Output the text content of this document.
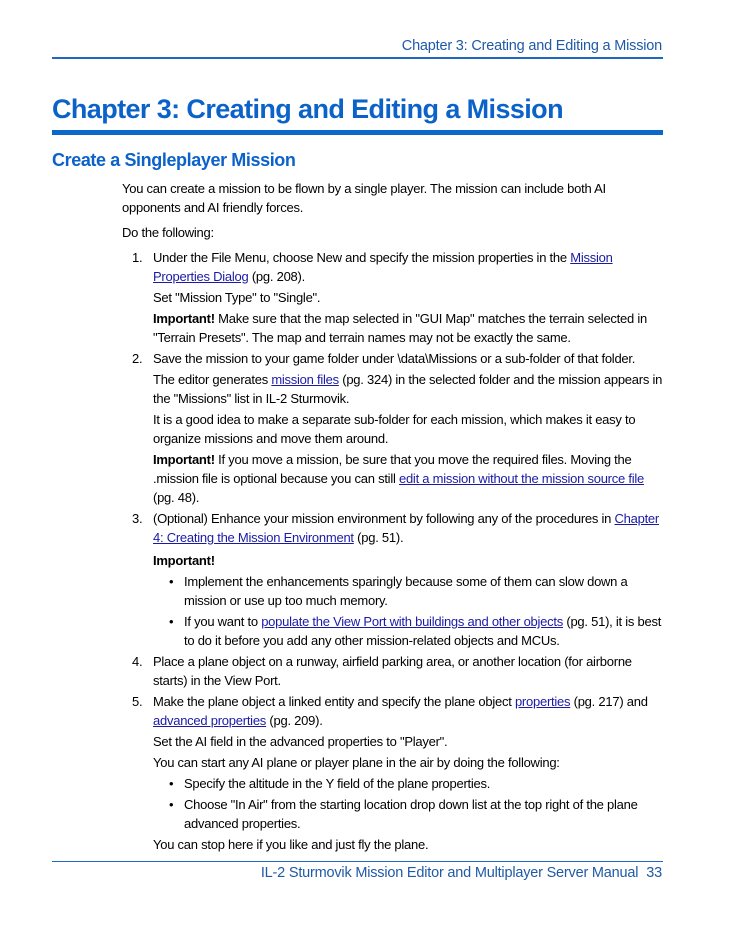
Chapter 3: Creating and Editing a Mission
Chapter 3: Creating and Editing a Mission
Create a Singleplayer Mission

You can create a mission to be flown by a single player. The mission can include both AI opponents and AI friendly forces.

Do the following:

1. Under the File Menu, choose New and specify the mission properties in the Mission Properties Dialog (pg. 208).
Set "Mission Type" to "Single".
Important! Make sure that the map selected in "GUI Map" matches the terrain selected in "Terrain Presets". The map and terrain names may not be exactly the same.
2. Save the mission to your game folder under \data\Missions or a sub-folder of that folder.
The editor generates mission files (pg. 324) in the selected folder and the mission appears in the "Missions" list in IL-2 Sturmovik.
It is a good idea to make a separate sub-folder for each mission, which makes it easy to organize missions and move them around.
Important! If you move a mission, be sure that you move the required files. Moving the .mission file is optional because you can still edit a mission without the mission source file (pg. 48).
3. (Optional) Enhance your mission environment by following any of the procedures in Chapter 4: Creating the Mission Environment (pg. 51).
Important!
• Implement the enhancements sparingly because some of them can slow down a mission or use up too much memory.
• If you want to populate the View Port with buildings and other objects (pg. 51), it is best to do it before you add any other mission-related objects and MCUs.
4. Place a plane object on a runway, airfield parking area, or another location (for airborne starts) in the View Port.
5. Make the plane object a linked entity and specify the plane object properties (pg. 217) and advanced properties (pg. 209).
Set the AI field in the advanced properties to "Player".
You can start any AI plane or player plane in the air by doing the following:
• Specify the altitude in the Y field of the plane properties.
• Choose "In Air" from the starting location drop down list at the top right of the plane advanced properties.
You can stop here if you like and just fly the plane.
IL-2 Sturmovik Mission Editor and Multiplayer Server Manual 33
